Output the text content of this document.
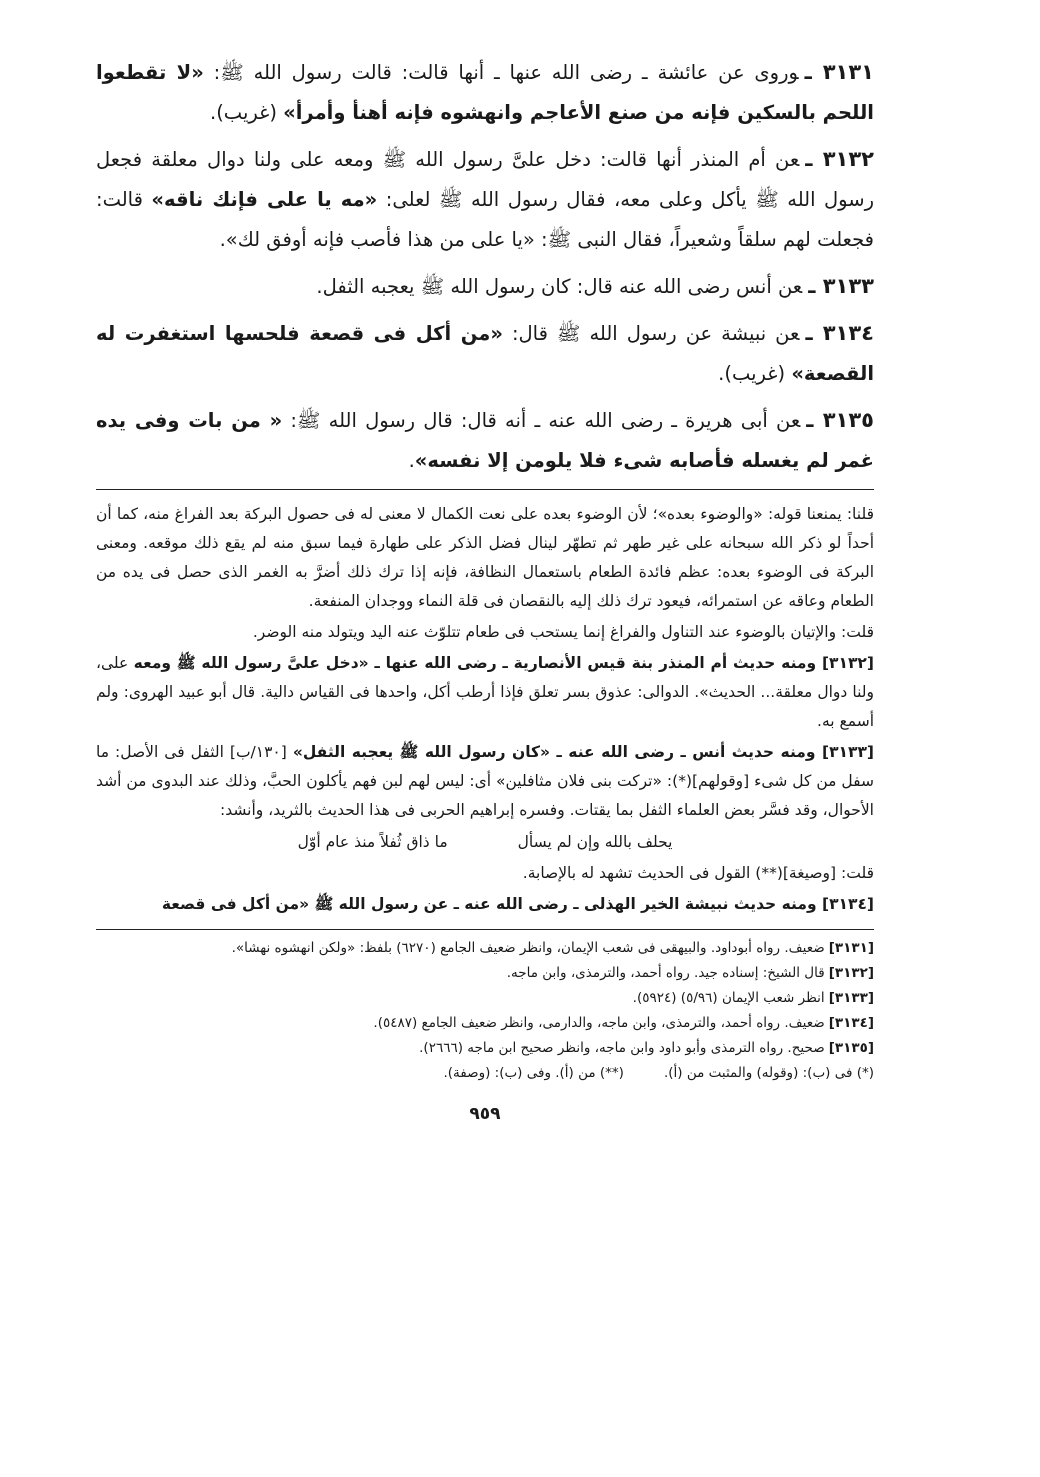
٣١٣١ ـوروى عن عائشة ـ رضى الله عنها ـ أنها قالت: قالت رسول الله ﷺ: «لا تقطعوا اللحم بالسكين فإنه من صنع الأعاجم وانهشوه فإنه أهنأ وأمرأ» (غريب).

٣١٣٢ ـعن أم المنذر أنها قالت: دخل علىَّ رسول الله ﷺ ومعه على ولنا دوال معلقة فجعل رسول الله ﷺ يأكل وعلى معه، فقال رسول الله ﷺ لعلى: «مه يا على فإنك ناقه» قالت: فجعلت لهم سلقاً وشعيراً، فقال النبى ﷺ: «يا على من هذا فأصب فإنه أوفق لك».

٣١٣٣ ـعن أنس رضى الله عنه قال: كان رسول الله ﷺ يعجبه الثفل.

٣١٣٤ ـعن نبيشة عن رسول الله ﷺ قال: «من أكل فى قصعة فلحسها استغفرت له القصعة» (غريب).

٣١٣٥ ـعن أبى هريرة ـ رضى الله عنه ـ أنه قال: قال رسول الله ﷺ: « من بات وفى يده غمر لم يغسله فأصابه شىء فلا يلومن إلا نفسه».

قلنا: يمنعنا قوله: «والوضوء بعده»؛ لأن الوضوء بعده على نعت الكمال لا معنى له فى حصول البركة بعد الفراغ منه، كما أن أحداً لو ذكر الله سبحانه على غير طهر ثم تطهّر لينال فضل الذكر على طهارة فيما سبق منه لم يقع ذلك موقعه. ومعنى البركة فى الوضوء بعده: عظم فائدة الطعام باستعمال النظافة، فإنه إذا ترك ذلك أضرَّ به الغمر الذى حصل فى يده من الطعام وعاقه عن استمرائه، فيعود ترك ذلك إليه بالنقصان فى قلة النماء ووجدان المنفعة.

قلت: والإتيان بالوضوء عند التناول والفراغ إنما يستحب فى طعام تتلوّث عنه اليد ويتولد منه الوضر.

[٣١٣٢] ومنه حديث أم المنذر بنة قيس الأنصارية ـ رضى الله عنها ـ «دخل علىَّ رسول الله ﷺ ومعه على، ولنا دوال معلقة... الحديث». الدوالى: عذوق بسر تعلق فإذا أرطب أكل، واحدها فى القياس دالية. قال أبو عبيد الهروى: ولم أسمع به.

[٣١٣٣] ومنه حديث أنس ـ رضى الله عنه ـ «كان رسول الله ﷺ يعجبه الثفل» [١٣٠/ب] الثفل فى الأصل: ما سفل من كل شىء [وقولهم](*): «تركت بنى فلان مثافلين» أى: ليس لهم لبن فهم يأكلون الحبَّ، وذلك عند البدوى من أشد الأحوال، وقد فسَّر بعض العلماء الثفل بما يقتات. وفسره إبراهيم الحربى فى هذا الحديث بالثريد، وأنشد:

يحلف بالله وإن لم يسأل
ما ذاق ثُفلاً منذ عام أوّل

قلت: [وصيغة](**) القول فى الحديث تشهد له بالإصابة.

[٣١٣٤] ومنه حديث نبيشة الخير الهذلى ـ رضى الله عنه ـ عن رسول الله ﷺ «من أكل فى قصعة

[٣١٣١]ضعيف. رواه أبوداود. والبيهقى فى شعب الإيمان، وانظر ضعيف الجامع (٦٢٧٠) بلفظ: «ولكن انهشوه نهشا».

[٣١٣٢]قال الشيخ: إسناده جيد. رواه أحمد، والترمذى، وابن ماجه.

[٣١٣٣]انظر شعب الإيمان (٥/٩٦) (٥٩٢٤).

[٣١٣٤]ضعيف. رواه أحمد، والترمذى، وابن ماجه، والدارمى، وانظر ضعيف الجامع (٥٤٨٧).

[٣١٣٥]صحيح. رواه الترمذى وأبو داود وابن ماجه، وانظر صحيح ابن ماجه (٢٦٦٦).

(*) فى (ب): (وقوله) والمثبت من (أ).
(**) من (أ). وفى (ب): (وصفة).
٩٥٩
